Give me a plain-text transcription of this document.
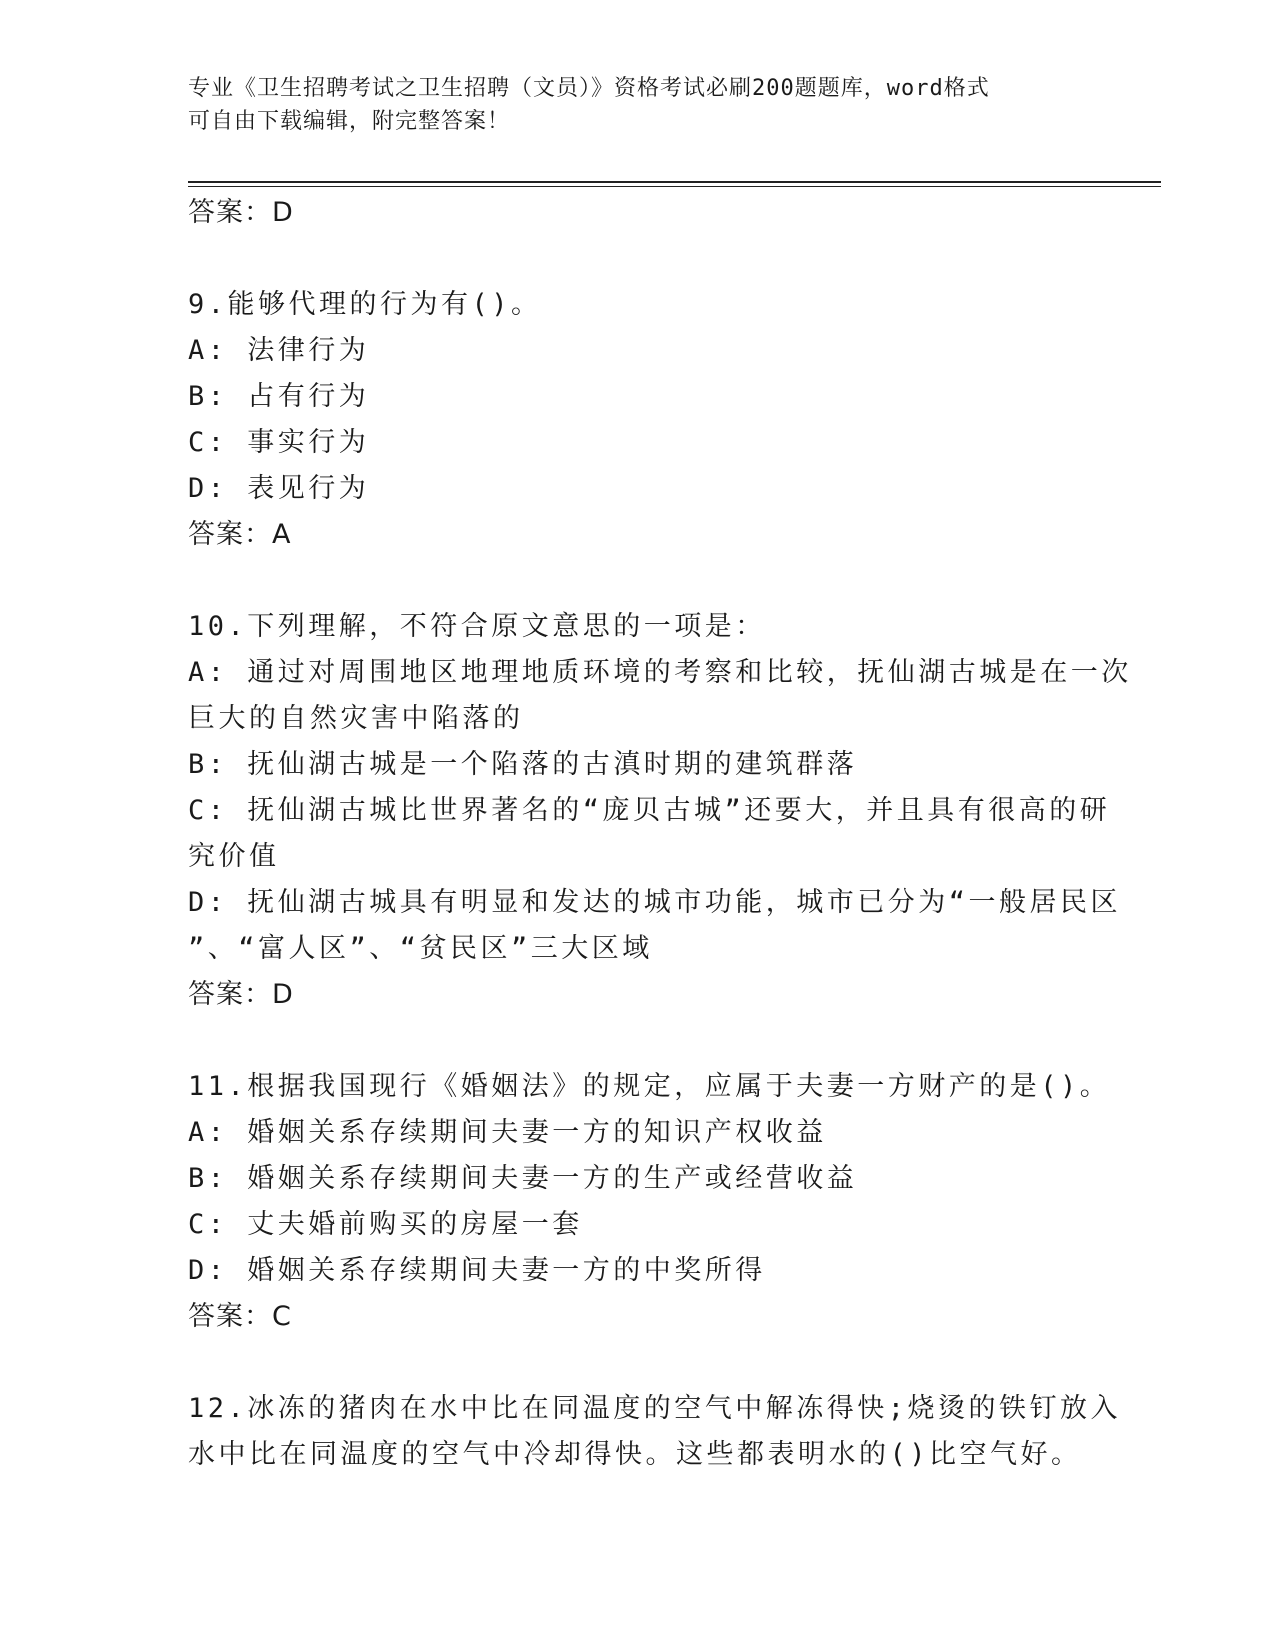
专业《卫生招聘考试之卫生招聘（文员）》资格考试必刷200题题库，word格式
可自由下载编辑，附完整答案！
答案：D
9.能够代理的行为有()。
A: 法律行为
B: 占有行为
C: 事实行为
D: 表见行为
答案：A
10.下列理解，不符合原文意思的一项是：
A: 通过对周围地区地理地质环境的考察和比较，抚仙湖古城是在一次
巨大的自然灾害中陷落的
B: 抚仙湖古城是一个陷落的古滇时期的建筑群落
C: 抚仙湖古城比世界著名的“庞贝古城”还要大，并且具有很高的研
究价值
D: 抚仙湖古城具有明显和发达的城市功能，城市已分为“一般居民区
”、“富人区”、“贫民区”三大区域
答案：D
11.根据我国现行《婚姻法》的规定，应属于夫妻一方财产的是()。
A: 婚姻关系存续期间夫妻一方的知识产权收益
B: 婚姻关系存续期间夫妻一方的生产或经营收益
C: 丈夫婚前购买的房屋一套
D: 婚姻关系存续期间夫妻一方的中奖所得
答案：C
12.冰冻的猪肉在水中比在同温度的空气中解冻得快;烧烫的铁钉放入
水中比在同温度的空气中冷却得快。这些都表明水的()比空气好。
